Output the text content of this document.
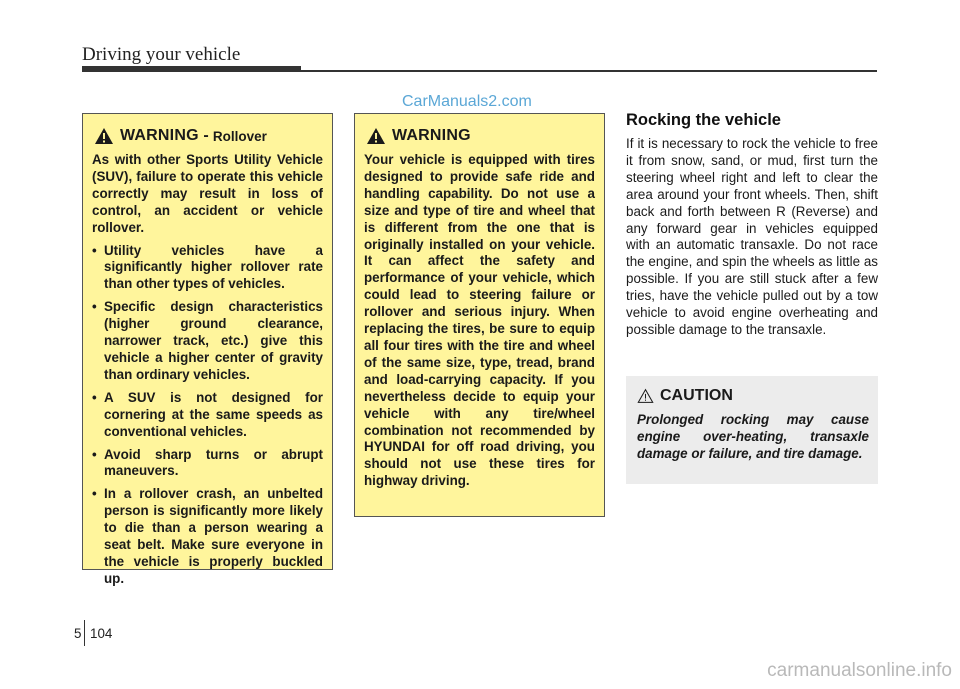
Driving your vehicle
CarManuals2.com
WARNING - Rollover
As with other Sports Utility Vehicle (SUV), failure to operate this vehicle correctly may result in loss of control, an accident or vehicle rollover.
• Utility vehicles have a significantly higher rollover rate than other types of vehicles.
• Specific design characteristics (higher ground clearance, narrower track, etc.) give this vehicle a higher center of gravity than ordinary vehicles.
• A SUV is not designed for cornering at the same speeds as conventional vehicles.
• Avoid sharp turns or abrupt maneuvers.
• In a rollover crash, an unbelted person is significantly more likely to die than a person wearing a seat belt. Make sure everyone in the vehicle is properly buckled up.
WARNING
Your vehicle is equipped with tires designed to provide safe ride and handling capability. Do not use a size and type of tire and wheel that is different from the one that is originally installed on your vehicle. It can affect the safety and performance of your vehicle, which could lead to steering failure or rollover and serious injury. When replacing the tires, be sure to equip all four tires with the tire and wheel of the same size, type, tread, brand and load-carrying capacity. If you nevertheless decide to equip your vehicle with any tire/wheel combination not recommended by HYUNDAI for off road driving, you should not use these tires for highway driving.
Rocking the vehicle
If it is necessary to rock the vehicle to free it from snow, sand, or mud, first turn the steering wheel right and left to clear the area around your front wheels. Then, shift back and forth between R (Reverse) and any forward gear in vehicles equipped with an automatic transaxle. Do not race the engine, and spin the wheels as little as possible. If you are still stuck after a few tries, have the vehicle pulled out by a tow vehicle to avoid engine overheating and possible damage to the transaxle.
CAUTION
Prolonged rocking may cause engine over-heating, transaxle damage or failure, and tire damage.
5 104
carmanualsonline.info
